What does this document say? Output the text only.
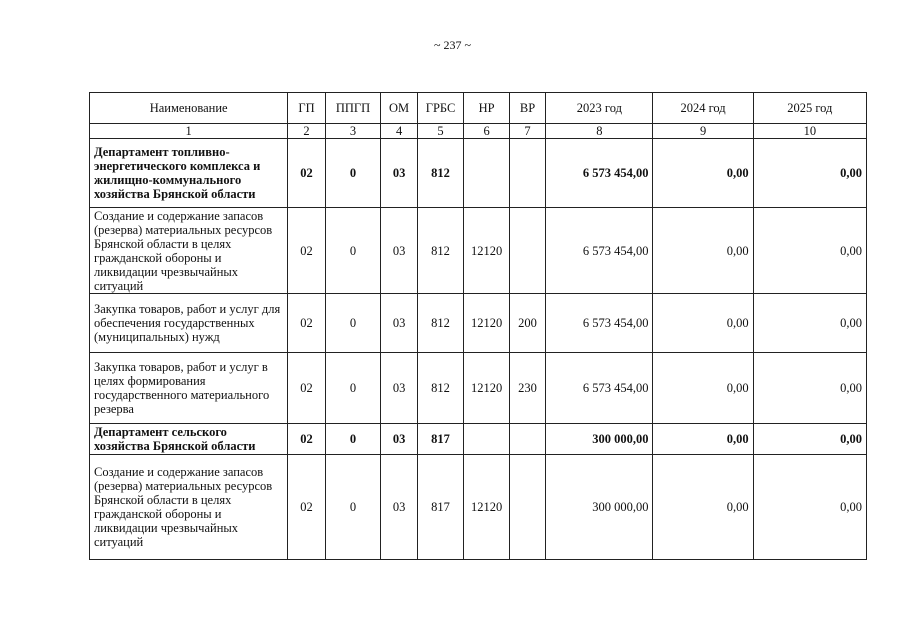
~ 237 ~
Наименование	ГП	ППГП	ОМ	ГРБС	НР	ВР	2023 год	2024 год	2025 год
1	2	3	4	5	6	7	8	9	10
Департамент топливно-энергетического комплекса и жилищно-коммунального хозяйства Брянской области	02	0	03	812			6 573 454,00	0,00	0,00
Создание и содержание запасов (резерва) материальных ресурсов Брянской области в целях гражданской обороны и ликвидации чрезвычайных ситуаций	02	0	03	812	12120		6 573 454,00	0,00	0,00
Закупка товаров, работ и услуг для обеспечения государственных (муниципальных) нужд	02	0	03	812	12120	200	6 573 454,00	0,00	0,00
Закупка товаров, работ и услуг в целях формирования государственного материального резерва	02	0	03	812	12120	230	6 573 454,00	0,00	0,00
Департамент сельского хозяйства Брянской области	02	0	03	817			300 000,00	0,00	0,00
Создание и содержание запасов (резерва) материальных ресурсов Брянской области в целях гражданской обороны и ликвидации чрезвычайных ситуаций	02	0	03	817	12120		300 000,00	0,00	0,00
